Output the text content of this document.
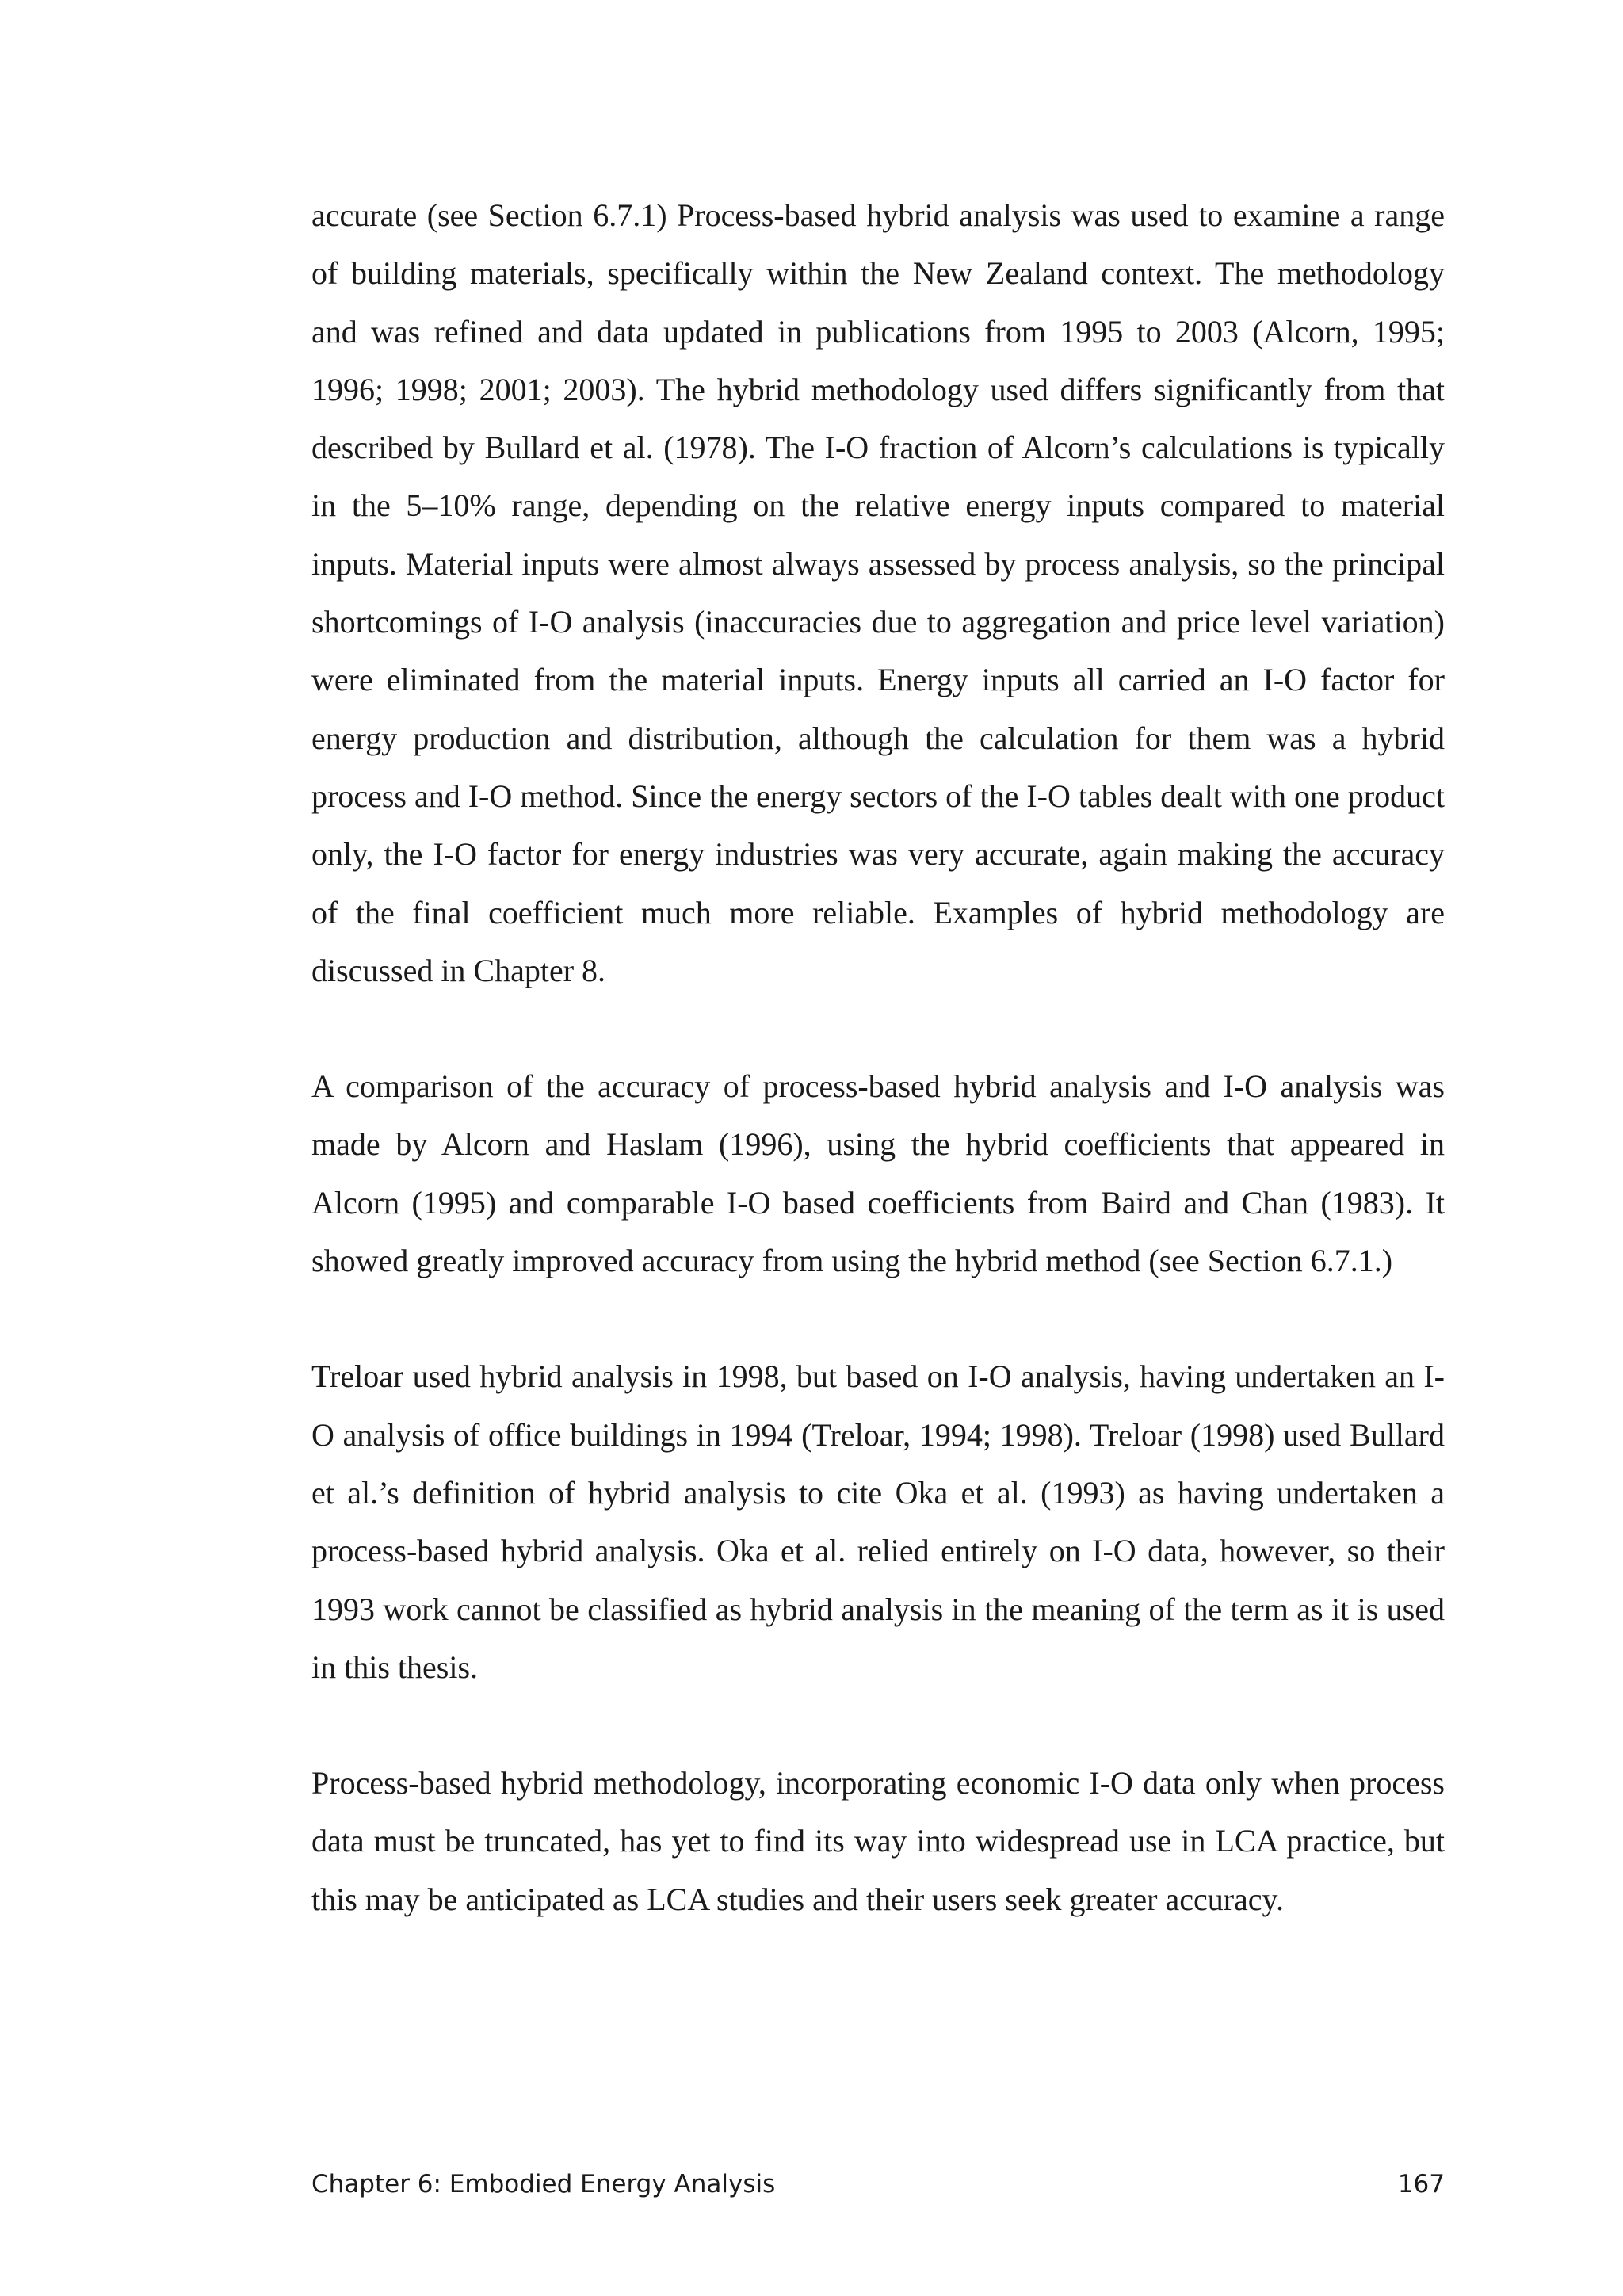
accurate (see Section 6.7.1) Process-based hybrid analysis was used to examine a range of building materials, specifically within the New Zealand context. The methodology and was refined and data updated in publications from 1995 to 2003 (Alcorn, 1995; 1996; 1998; 2001; 2003). The hybrid methodology used differs significantly from that described by Bullard et al. (1978). The I-O fraction of Alcorn’s calculations is typically in the 5–10% range, depending on the relative energy inputs compared to material inputs. Material inputs were almost always assessed by process analysis, so the principal shortcomings of I-O analysis (inaccuracies due to aggregation and price level variation) were eliminated from the material inputs. Energy inputs all carried an I-O factor for energy production and distribution, although the calculation for them was a hybrid process and I-O method. Since the energy sectors of the I-O tables dealt with one product only, the I-O factor for energy industries was very accurate, again making the accuracy of the final coefficient much more reliable. Examples of hybrid methodology are discussed in Chapter 8.

A comparison of the accuracy of process-based hybrid analysis and I-O analysis was made by Alcorn and Haslam (1996), using the hybrid coefficients that appeared in Alcorn (1995) and comparable I-O based coefficients from Baird and Chan (1983). It showed greatly improved accuracy from using the hybrid method (see Section 6.7.1.)

Treloar used hybrid analysis in 1998, but based on I-O analysis, having undertaken an I-O analysis of office buildings in 1994 (Treloar, 1994; 1998). Treloar (1998) used Bullard et al.’s definition of hybrid analysis to cite Oka et al. (1993) as having undertaken a process-based hybrid analysis. Oka et al. relied entirely on I-O data, however, so their 1993 work cannot be classified as hybrid analysis in the meaning of the term as it is used in this thesis.

Process-based hybrid methodology, incorporating economic I-O data only when process data must be truncated, has yet to find its way into widespread use in LCA practice, but this may be anticipated as LCA studies and their users seek greater accuracy.

Chapter 6: Embodied Energy Analysis	167
